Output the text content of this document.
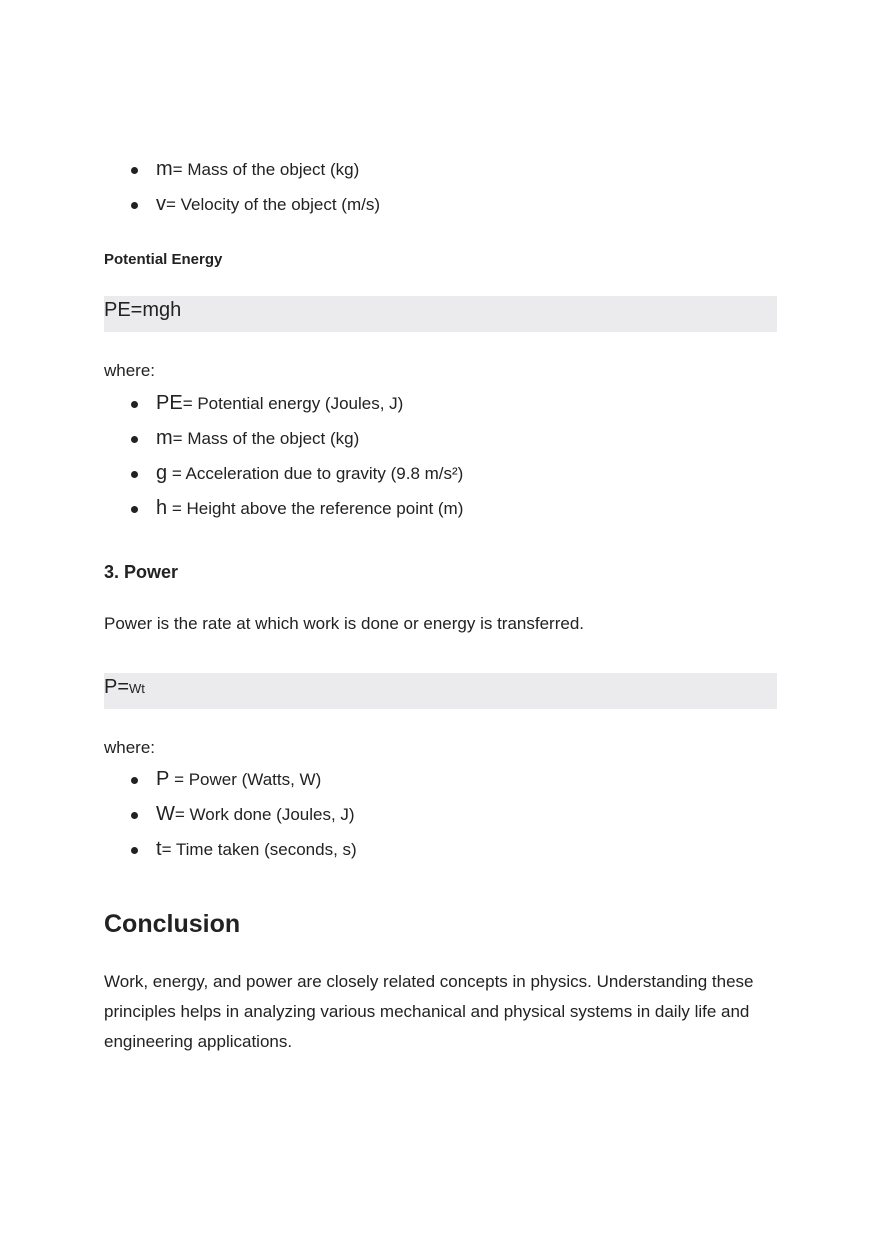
m= Mass of the object (kg)
v= Velocity of the object (m/s)
Potential Energy
PE=mgh
where:
PE= Potential energy (Joules, J)
m= Mass of the object (kg)
g = Acceleration due to gravity (9.8 m/s²)
h = Height above the reference point (m)
3. Power
Power is the rate at which work is done or energy is transferred.
P=Wt
where:
P = Power (Watts, W)
W= Work done (Joules, J)
t= Time taken (seconds, s)
Conclusion
Work, energy, and power are closely related concepts in physics. Understanding these principles helps in analyzing various mechanical and physical systems in daily life and engineering applications.
